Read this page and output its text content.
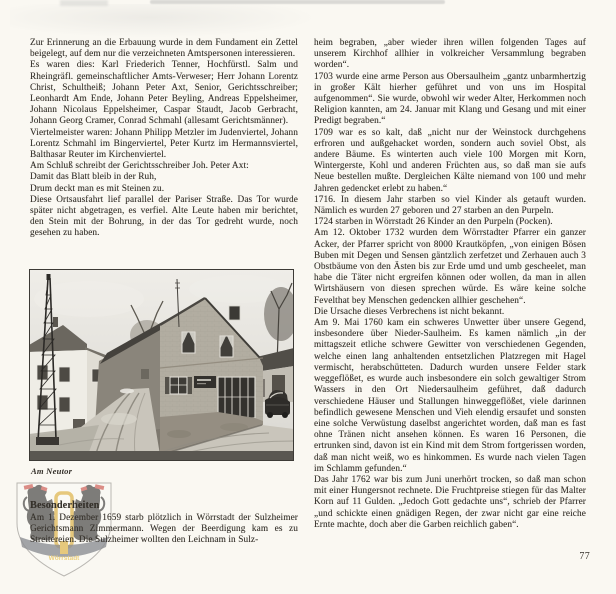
Zur Erinnerung an die Erbauung wurde in dem Fundament ein Zettel beigelegt, auf dem nur die verzeichneten Amtspersonen interessieren.

Es waren dies: Karl Friederich Tenner, Hochfürstl. Salm und Rheingräfl. gemeinschaftlicher Amts-Verweser; Herr Johann Lorentz Christ, Schultheiß; Johann Peter Axt, Senior, Gerichtsschreiber; Leonhardt Am Ende, Johann Peter Beyling, Andreas Eppelsheimer, Johann Nicolaus Eppelsheimer, Caspar Staudt, Jacob Gerbracht, Johann Georg Cramer, Conrad Schmahl (allesamt Gerichtsmänner).

Viertelmeister waren: Johann Philipp Metzler im Judenviertel, Johann Lorentz Schmahl im Bingerviertel, Peter Kurtz im Hermannsviertel, Balthasar Reuter im Kirchenviertel.

Am Schluß schreibt der Gerichtsschreiber Joh. Peter Axt:

Damit das Blatt bleib in der Ruh,
Drum deckt man es mit Steinen zu.

Diese Ortsausfahrt lief parallel der Pariser Straße. Das Tor wurde später nicht abgetragen, es verfiel. Alte Leute haben mir berichtet, den Stein mit der Bohrung, in der das Tor gedreht wurde, noch gesehen zu haben.

Am Neutor
Wörrstadt
Besonderheiten

Am 1. Dezember 1659 starb plötzlich in Wörrstadt der Sulzheimer Gerichtsmann Zimmermann. Wegen der Beerdigung kam es zu Streitereien. Die Sulzheimer wollten den Leichnam in Sulz-

heim begraben, „aber wieder ihren willen folgenden Tages auf unserem Kirchhof allhier in volkreicher Versammlung begraben worden“.

1703 wurde eine arme Person aus Obersaulheim „gantz unbarmhertzig in großer Kält hierher geführet und von uns im Hospital aufgenommen“. Sie wurde, obwohl wir weder Alter, Herkommen noch Religion kannten, am 24. Januar mit Klang und Gesang und mit einer Predigt begraben.“

1709 war es so kalt, daß „nicht nur der Weinstock durchgehens erfroren und außgehacket worden, sondern auch soviel Obst, als andere Bäume. Es winterten auch viele 100 Morgen mit Korn, Wintergerste, Kohl und anderen Früchten aus, so daß man sie aufs Neue bestellen mußte. Dergleichen Kälte niemand von 100 und mehr Jahren gedencket erlebt zu haben.“

1716. In diesem Jahr starben so viel Kinder als getauft wurden. Nämlich es wurden 27 geboren und 27 starben an den Purpeln.

1724 starben in Wörrstadt 26 Kinder an den Purpeln (Pocken).

Am 12. Oktober 1732 wurden dem Wörrstadter Pfarrer ein ganzer Acker, der Pfarrer spricht von 8000 Krautköpfen, „von einigen Bösen Buben mit Degen und Sensen gäntzlich zerfetzet und Zerhauen auch 3 Obstbäume von den Ästen bis zur Erde umd und umb gescheelet, man habe die Täter nicht ergreifen können oder wollen, da man in allen Wirtshäusern von diesen sprechen würde. Es wäre keine solche Fevelthat bey Menschen gedencken allhier geschehen“.

Die Ursache dieses Verbrechens ist nicht bekannt.

Am 9. Mai 1760 kam ein schweres Unwetter über unsere Gegend, insbesondere über Nieder-Saulheim. Es kamen nämlich „in der mittagszeit etliche schwere Gewitter von verschiedenen Gegenden, welche einen lang anhaltenden entsetzlichen Platzregen mit Hagel vermischt, herabschütteten. Dadurch wurden unsere Felder stark weggeflößet, es wurde auch insbesondere ein solch gewaltiger Strom Wassers in den Ort Niedersaulheim geführet, daß dadurch verschiedene Häuser und Stallungen hinweggeflößet, viele darinnen befindlich gewesene Menschen und Vieh elendig ersaufet und sonsten eine solche Verwüstung daselbst angerichtet worden, daß man es fast ohne Tränen nicht ansehen können. Es waren 16 Personen, die ertrunken sind, davon ist ein Kind mit dem Strom fortgerissen worden, daß man nicht weiß, wo es hinkommen. Es wurde nach vielen Tagen im Schlamm gefunden.“

Das Jahr 1762 war bis zum Juni unerhört trocken, so daß man schon mit einer Hungersnot rechnete. Die Fruchtpreise stiegen für das Malter Korn auf 11 Gulden. „Jedoch Gott gedachte uns“, schrieb der Pfarrer „und schickte einen gnädigen Regen, der zwar nicht gar eine reiche Ernte machte, doch aber die Garben reichlich gaben“.

77
